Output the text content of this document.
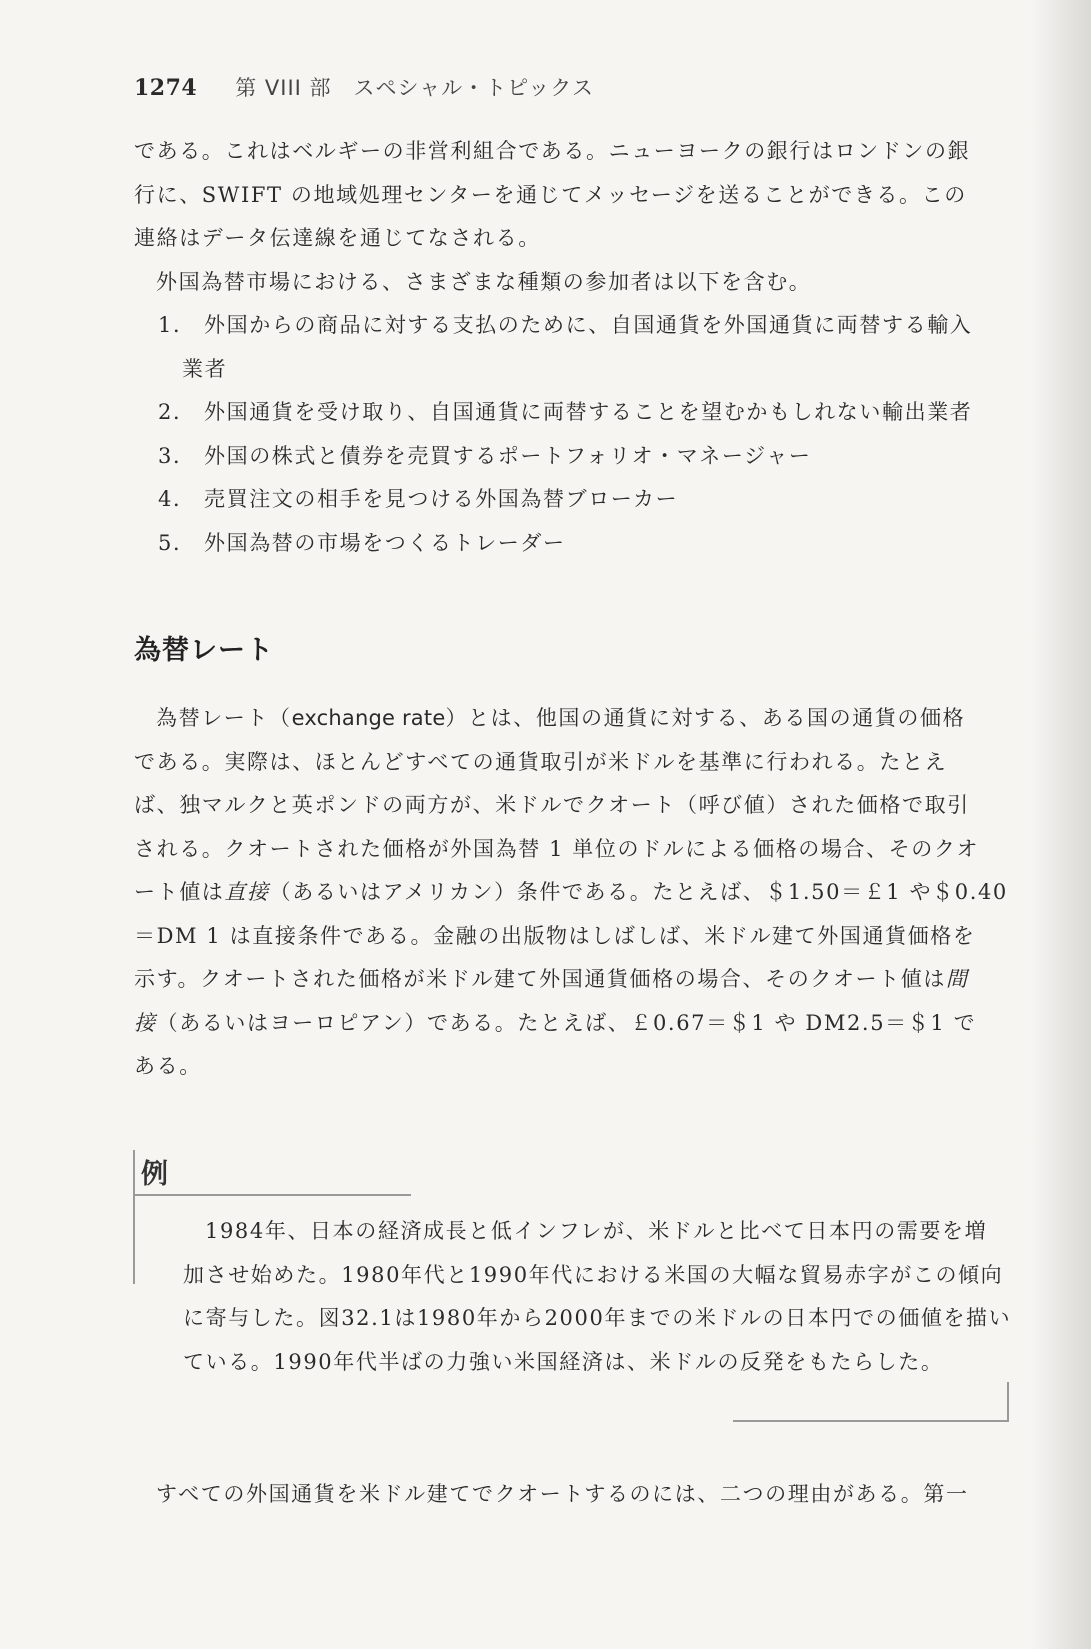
1274 第 VIII 部　スペシャル・トピックス
である。これはベルギーの非営利組合である。ニューヨークの銀行はロンドンの銀
行に、SWIFT の地域処理センターを通じてメッセージを送ることができる。この
連絡はデータ伝達線を通じてなされる。
外国為替市場における、さまざまな種類の参加者は以下を含む。
1． 外国からの商品に対する支払のために、自国通貨を外国通貨に両替する輸入
業者
2． 外国通貨を受け取り、自国通貨に両替することを望むかもしれない輸出業者
3． 外国の株式と債券を売買するポートフォリオ・マネージャー
4． 売買注文の相手を見つける外国為替ブローカー
5． 外国為替の市場をつくるトレーダー
為替レート
為替レート（exchange rate）とは、他国の通貨に対する、ある国の通貨の価格
である。実際は、ほとんどすべての通貨取引が米ドルを基準に行われる。たとえ
ば、独マルクと英ポンドの両方が、米ドルでクオート（呼び値）された価格で取引
される。クオートされた価格が外国為替 1 単位のドルによる価格の場合、そのクオ
ート値は直接（あるいはアメリカン）条件である。たとえば、＄1.50＝￡1 や＄0.40
＝DM 1 は直接条件である。金融の出版物はしばしば、米ドル建て外国通貨価格を
示す。クオートされた価格が米ドル建て外国通貨価格の場合、そのクオート値は間
接（あるいはヨーロピアン）である。たとえば、￡0.67＝＄1 や DM2.5＝＄1 で
ある。
例
1984年、日本の経済成長と低インフレが、米ドルと比べて日本円の需要を増
加させ始めた。1980年代と1990年代における米国の大幅な貿易赤字がこの傾向
に寄与した。図32.1は1980年から2000年までの米ドルの日本円での価値を描い
ている。1990年代半ばの力強い米国経済は、米ドルの反発をもたらした。
すべての外国通貨を米ドル建てでクオートするのには、二つの理由がある。第一
